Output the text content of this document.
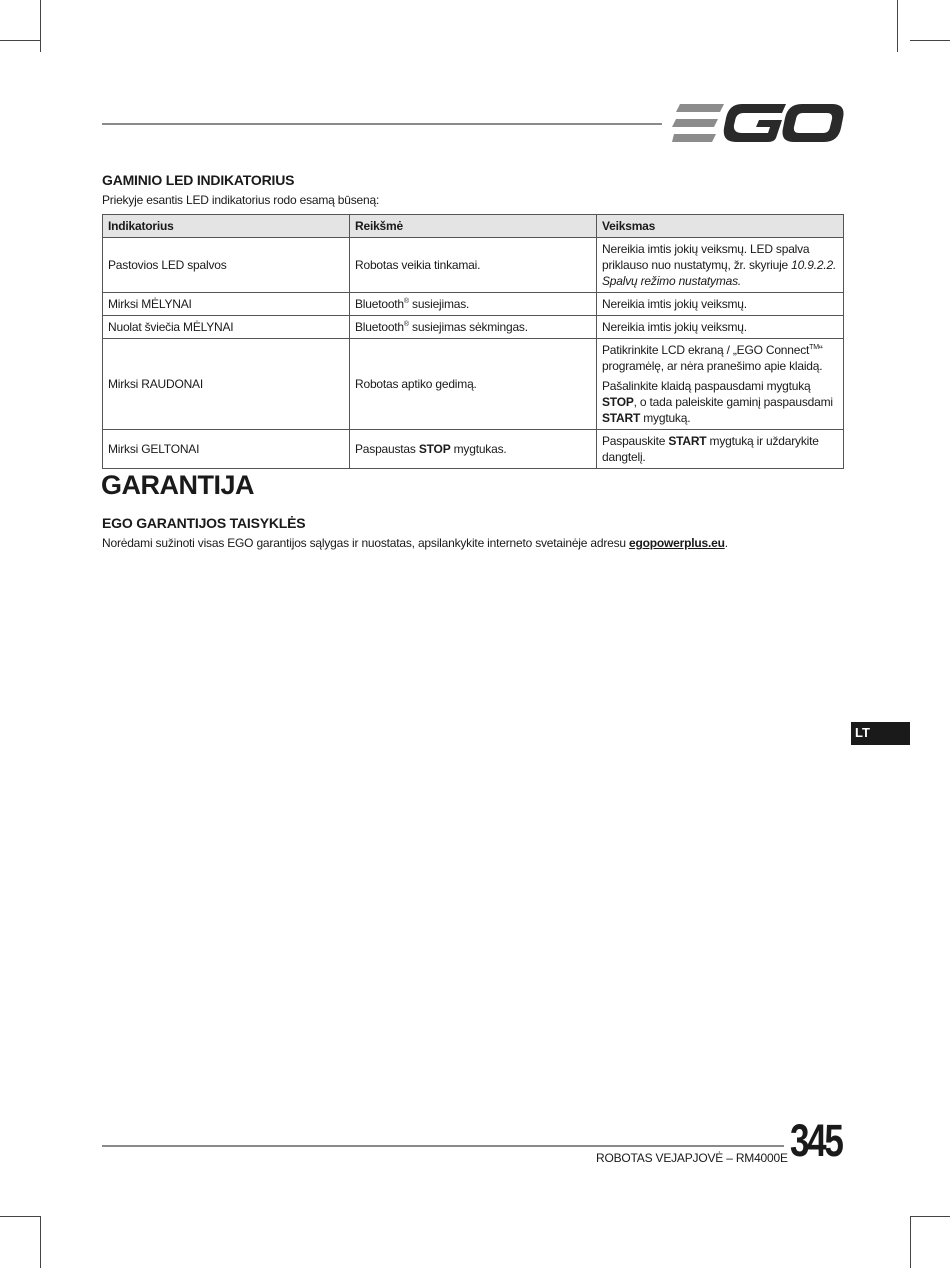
EGO
GAMINIO LED INDIKATORIUS
Priekyje esantis LED indikatorius rodo esamą būseną:
Indikatorius	Reikšmė	Veiksmas
Pastovios LED spalvos	Robotas veikia tinkamai.	Nereikia imtis jokių veiksmų. LED spalva priklauso nuo nustatymų, žr. skyriuje 10.9.2.2. Spalvų režimo nustatymas.
Mirksi MĖLYNAI	Bluetooth® susiejimas.	Nereikia imtis jokių veiksmų.
Nuolat šviečia MĖLYNAI	Bluetooth® susiejimas sėkmingas.	Nereikia imtis jokių veiksmų.
Mirksi RAUDONAI	Robotas aptiko gedimą.	Patikrinkite LCD ekraną / „EGO Connect™“ programėlę, ar nėra pranešimo apie klaidą.

Pašalinkite klaidą paspausdami mygtuką STOP, o tada paleiskite gaminį paspausdami START mygtuką.

Mirksi GELTONAI	Paspaustas STOP mygtukas.	Paspauskite START mygtuką ir uždarykite dangtelį.
GARANTIJA
EGO GARANTIJOS TAISYKLĖS
Norėdami sužinoti visas EGO garantijos sąlygas ir nuostatas, apsilankykite interneto svetainėje adresu egopowerplus.eu.
LT
ROBOTAS VEJAPJOVĖ – RM4000E 345
